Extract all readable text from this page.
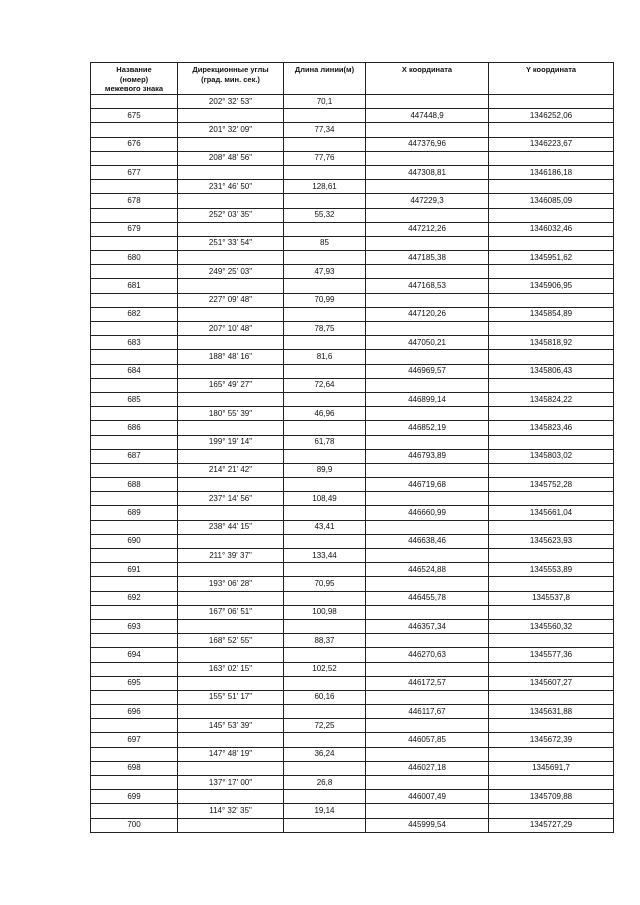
Название
(номер)
межевого знака	Дирекционные углы
(град. мин. сек.)	Длина линии(м)	X координата	Y координата
	202° 32' 53"	70,1		
675			447448,9	1346252,06
	201° 32' 09"	77,34		
676			447376,96	1346223,67
	208° 48' 56"	77,76		
677			447308,81	1346186,18
	231° 46' 50"	128,61		
678			447229,3	1346085,09
	252° 03' 35"	55,32		
679			447212,26	1346032,46
	251° 33' 54"	85		
680			447185,38	1345951,62
	249° 25' 03"	47,93		
681			447168,53	1345906,95
	227° 09' 48"	70,99		
682			447120,26	1345854,89
	207° 10' 48"	78,75		
683			447050,21	1345818,92
	188° 48' 16"	81,6		
684			446969,57	1345806,43
	165° 49' 27"	72,64		
685			446899,14	1345824,22
	180° 55' 39"	46,96		
686			446852,19	1345823,46
	199° 19' 14"	61,78		
687			446793,89	1345803,02
	214° 21' 42"	89,9		
688			446719,68	1345752,28
	237° 14' 56"	108,49		
689			446660,99	1345661,04
	238° 44' 15"	43,41		
690			446638,46	1345623,93
	211° 39' 37"	133,44		
691			446524,88	1345553,89
	193° 06' 28"	70,95		
692			446455,78	1345537,8
	167° 06' 51"	100,98		
693			446357,34	1345560,32
	168° 52' 55"	88,37		
694			446270,63	1345577,36
	163° 02' 15"	102,52		
695			446172,57	1345607,27
	155° 51' 17"	60,16		
696			446117,67	1345631,88
	145° 53' 39"	72,25		
697			446057,85	1345672,39
	147° 48' 19"	36,24		
698			446027,18	1345691,7
	137° 17' 00"	26,8		
699			446007,49	1345709,88
	114° 32' 35"	19,14		
700			445999,54	1345727,29
